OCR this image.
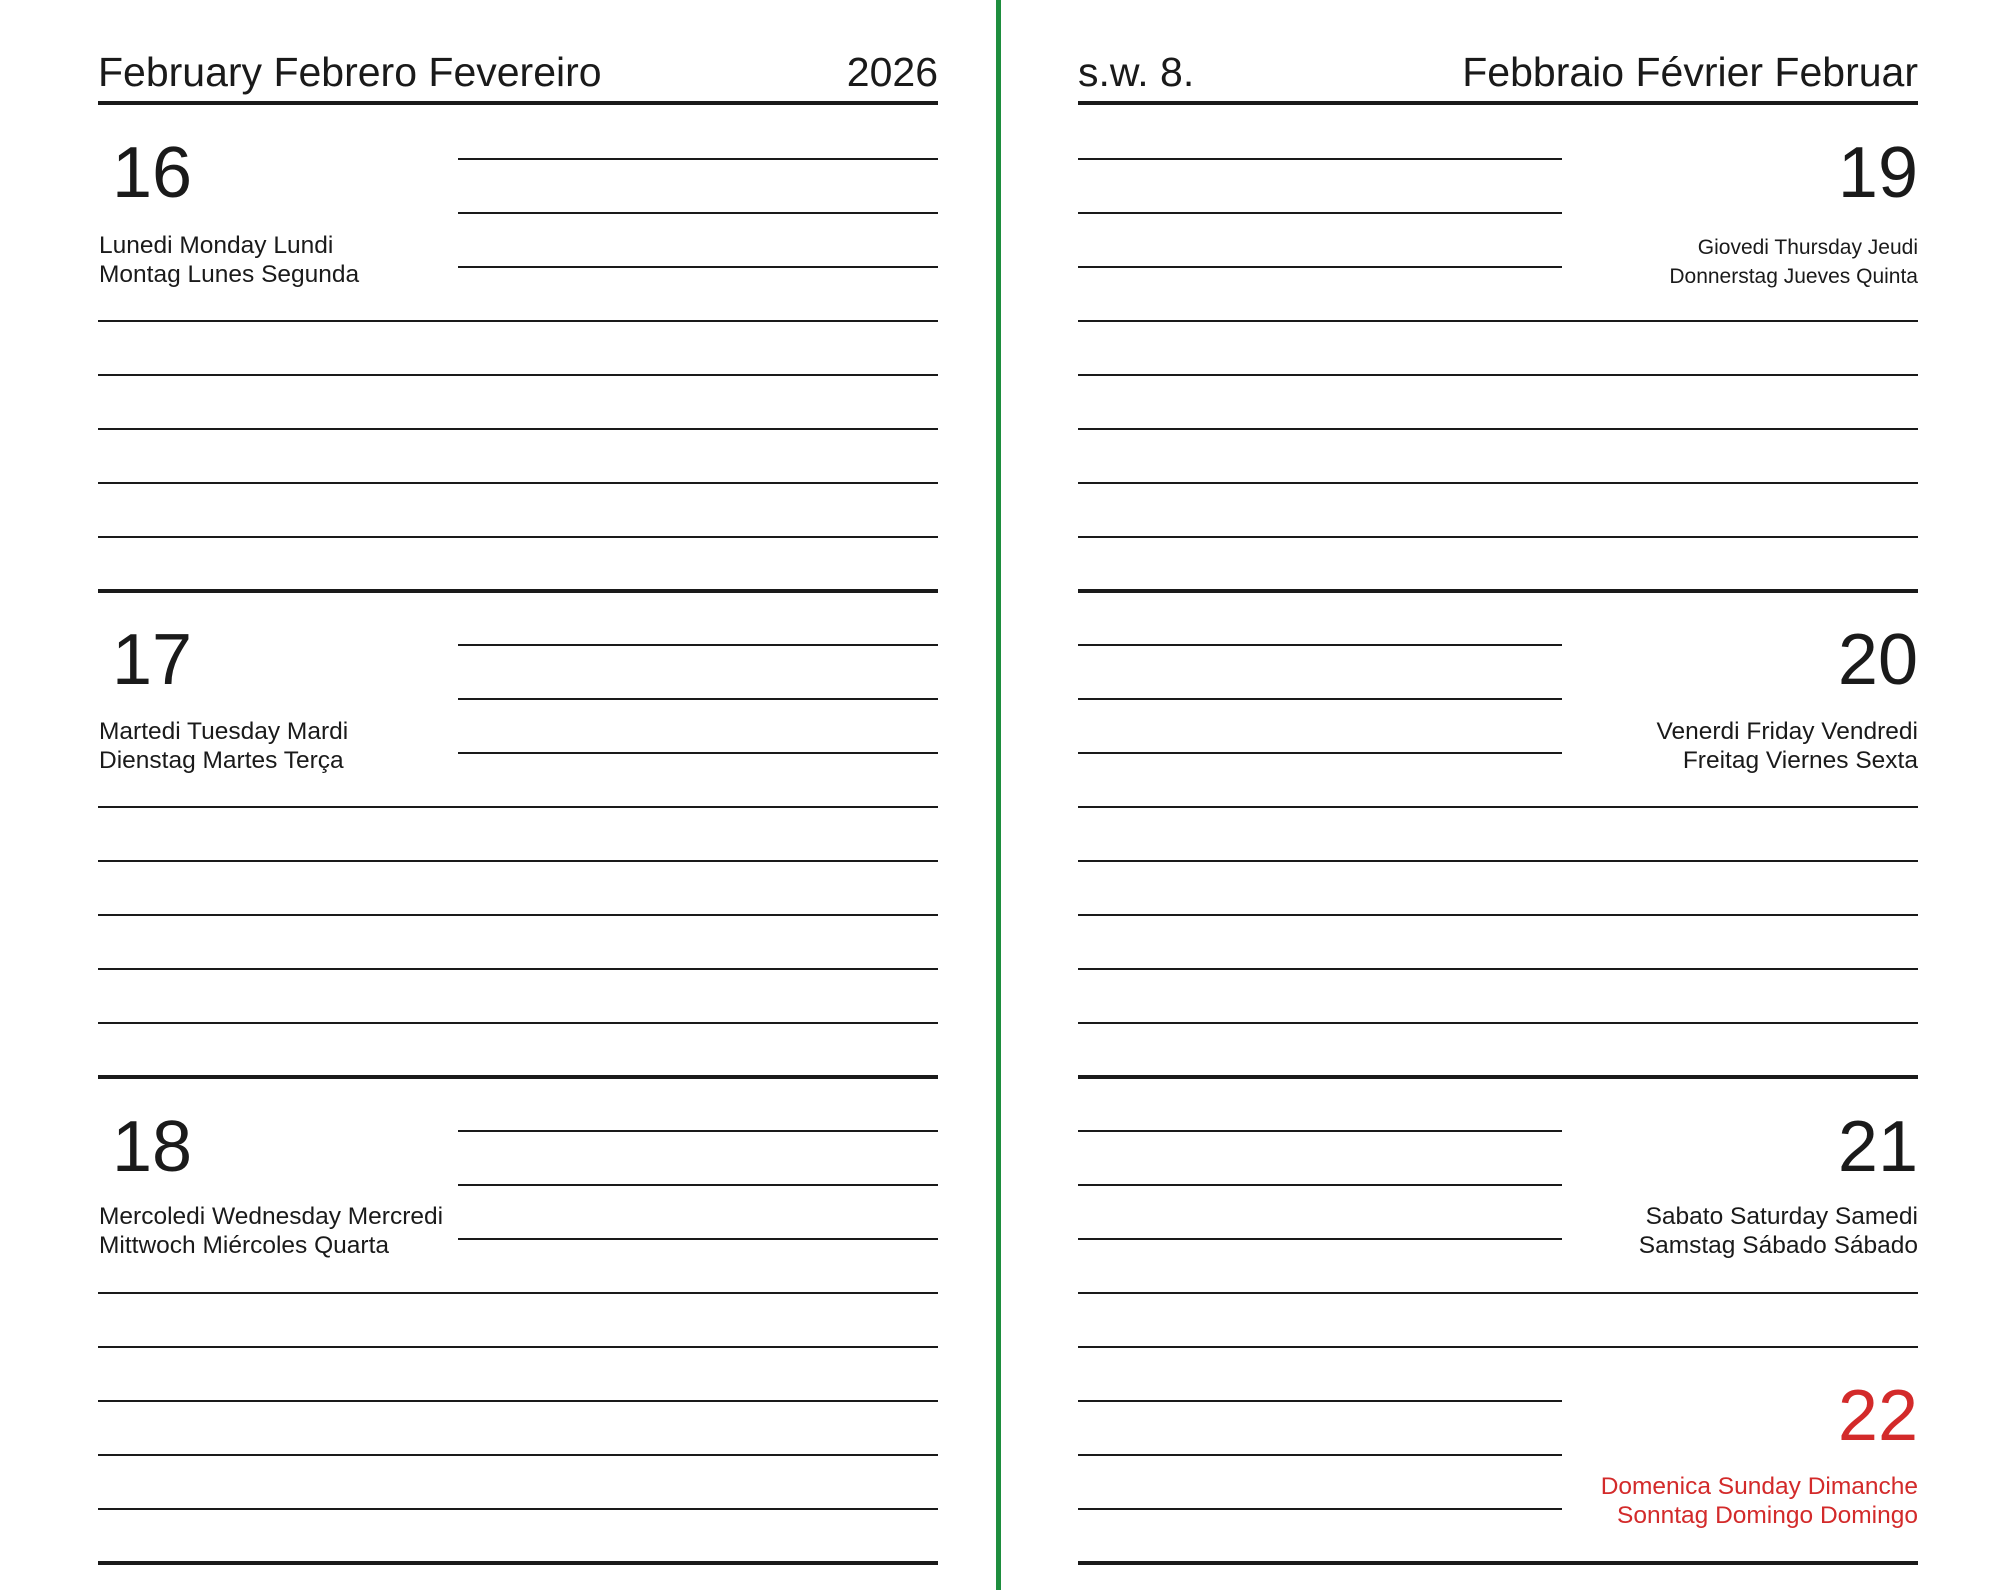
February Febrero Fevereiro	2026
16
Lunedi Monday Lundi
Montag Lunes Segunda
17
Martedi Tuesday Mardi
Dienstag Martes Terça
18
Mercoledi Wednesday Mercredi
Mittwoch Miércoles Quarta
s.w. 8.	Febbraio Février Februar
19
Giovedi Thursday Jeudi
Donnerstag Jueves Quinta
20
Venerdi Friday Vendredi
Freitag Viernes Sexta
21
Sabato Saturday Samedi
Samstag Sábado Sábado
22
Domenica Sunday Dimanche
Sonntag Domingo Domingo
